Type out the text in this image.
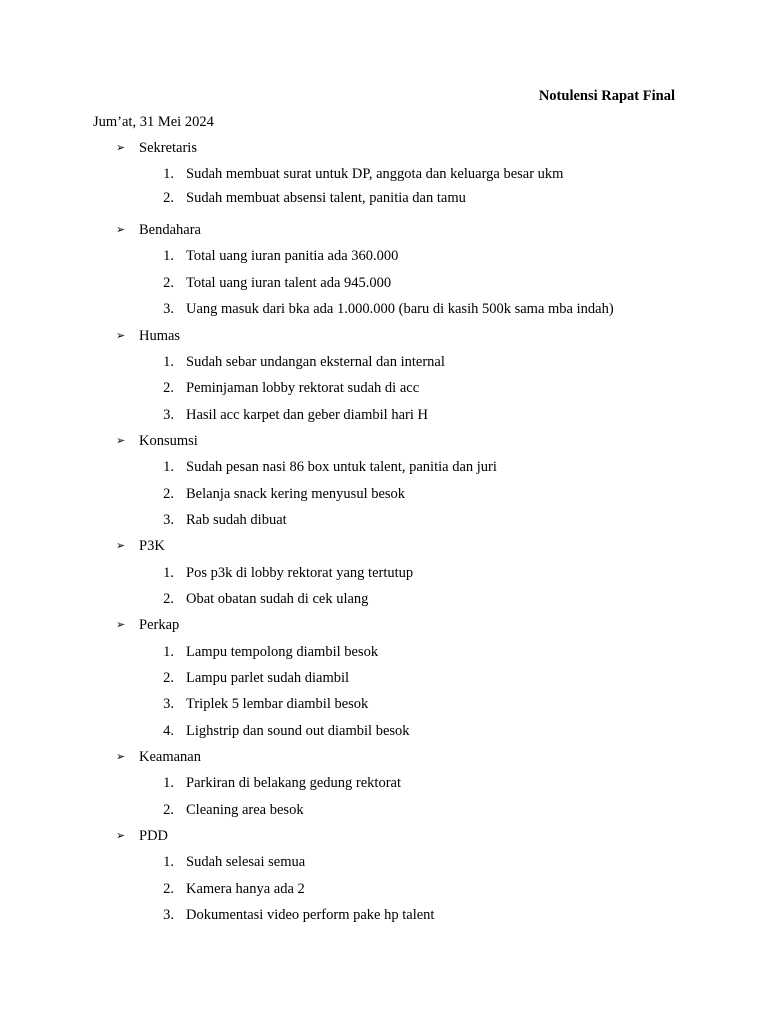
Notulensi Rapat Final

Jum’at, 31 Mei 2024

➢ Sekretaris
1. Sudah membuat surat untuk DP, anggota dan keluarga besar ukm
2. Sudah membuat absensi talent, panitia dan tamu
➢ Bendahara
1. Total uang iuran panitia ada 360.000
2. Total uang iuran talent ada 945.000
3. Uang masuk dari bka ada 1.000.000 (baru di kasih 500k sama mba indah)
➢ Humas
1. Sudah sebar undangan eksternal dan internal
2. Peminjaman lobby rektorat sudah di acc
3. Hasil acc karpet dan geber diambil hari H
➢ Konsumsi
1. Sudah pesan nasi 86 box untuk talent, panitia dan juri
2. Belanja snack kering menyusul besok
3. Rab sudah dibuat
➢ P3K
1. Pos p3k di lobby rektorat yang tertutup
2. Obat obatan sudah di cek ulang
➢ Perkap
1. Lampu tempolong diambil besok
2. Lampu parlet sudah diambil
3. Triplek 5 lembar diambil besok
4. Lighstrip dan sound out diambil besok
➢ Keamanan
1. Parkiran di belakang gedung rektorat
2. Cleaning area besok
➢ PDD
1. Sudah selesai semua
2. Kamera hanya ada 2
3. Dokumentasi video perform pake hp talent
